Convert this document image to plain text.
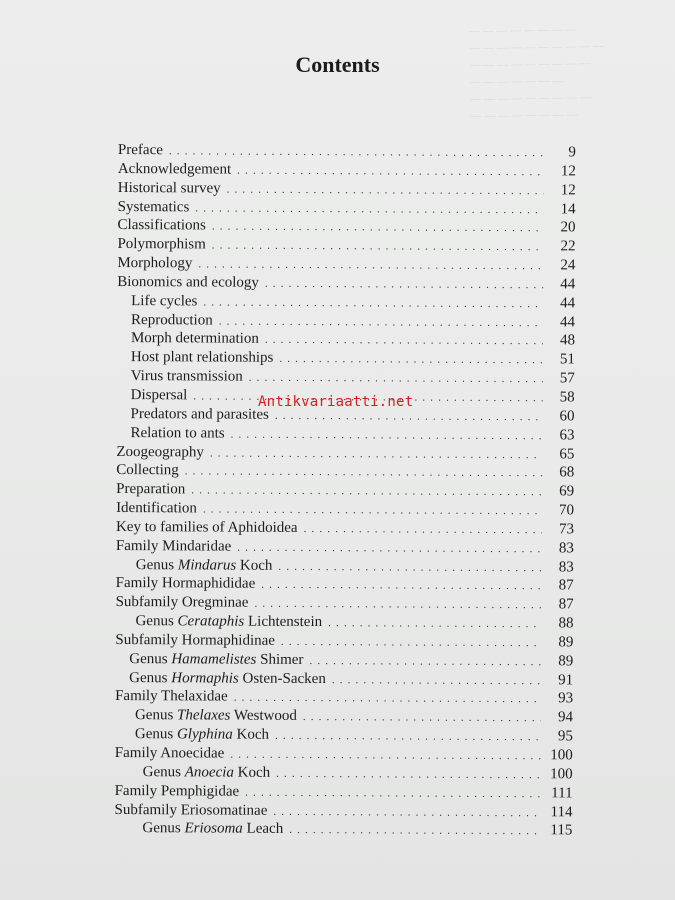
— — — — — — — —
— — — — — — — — — —
— — — — — — — — —
— — — — — — —
— — — — — — — — —
— — — — — — — —
Contents
Preface . . .	9
Acknowledgement . . .	12
Historical survey . . .	12
Systematics . . .	14
Classifications . . .	20
Polymorphism . . .	22
Morphology . . .	24
Bionomics and ecology . . .	44
Life cycles . . .	44
Reproduction . . .	44
Morph determination . . .	48
Host plant relationships . . .	51
Virus transmission . . .	57
Dispersal . . .	58
Predators and parasites . . .	60
Relation to ants . . .	63
Zoogeography . . .	65
Collecting . . .	68
Preparation . . .	69
Identification . . .	70
Key to families of Aphidoidea . . .	73
Family Mindaridae . . .	83
Genus Mindarus Koch . . .	83
Family Hormaphididae . . .	87
Subfamily Oregminae . . .	87
Genus Cerataphis Lichtenstein . . .	88
Subfamily Hormaphidinae . . .	89
Genus Hamamelistes Shimer . . .	89
Genus Hormaphis Osten-Sacken . . .	91
Family Thelaxidae . . .	93
Genus Thelaxes Westwood . . .	94
Genus Glyphina Koch . . .	95
Family Anoecidae . . .	100
Genus Anoecia Koch . . .	100
Family Pemphigidae . . .	111
Subfamily Eriosomatinae . . .	114
Genus Eriosoma Leach . . .	115
Antikvariaatti.net
